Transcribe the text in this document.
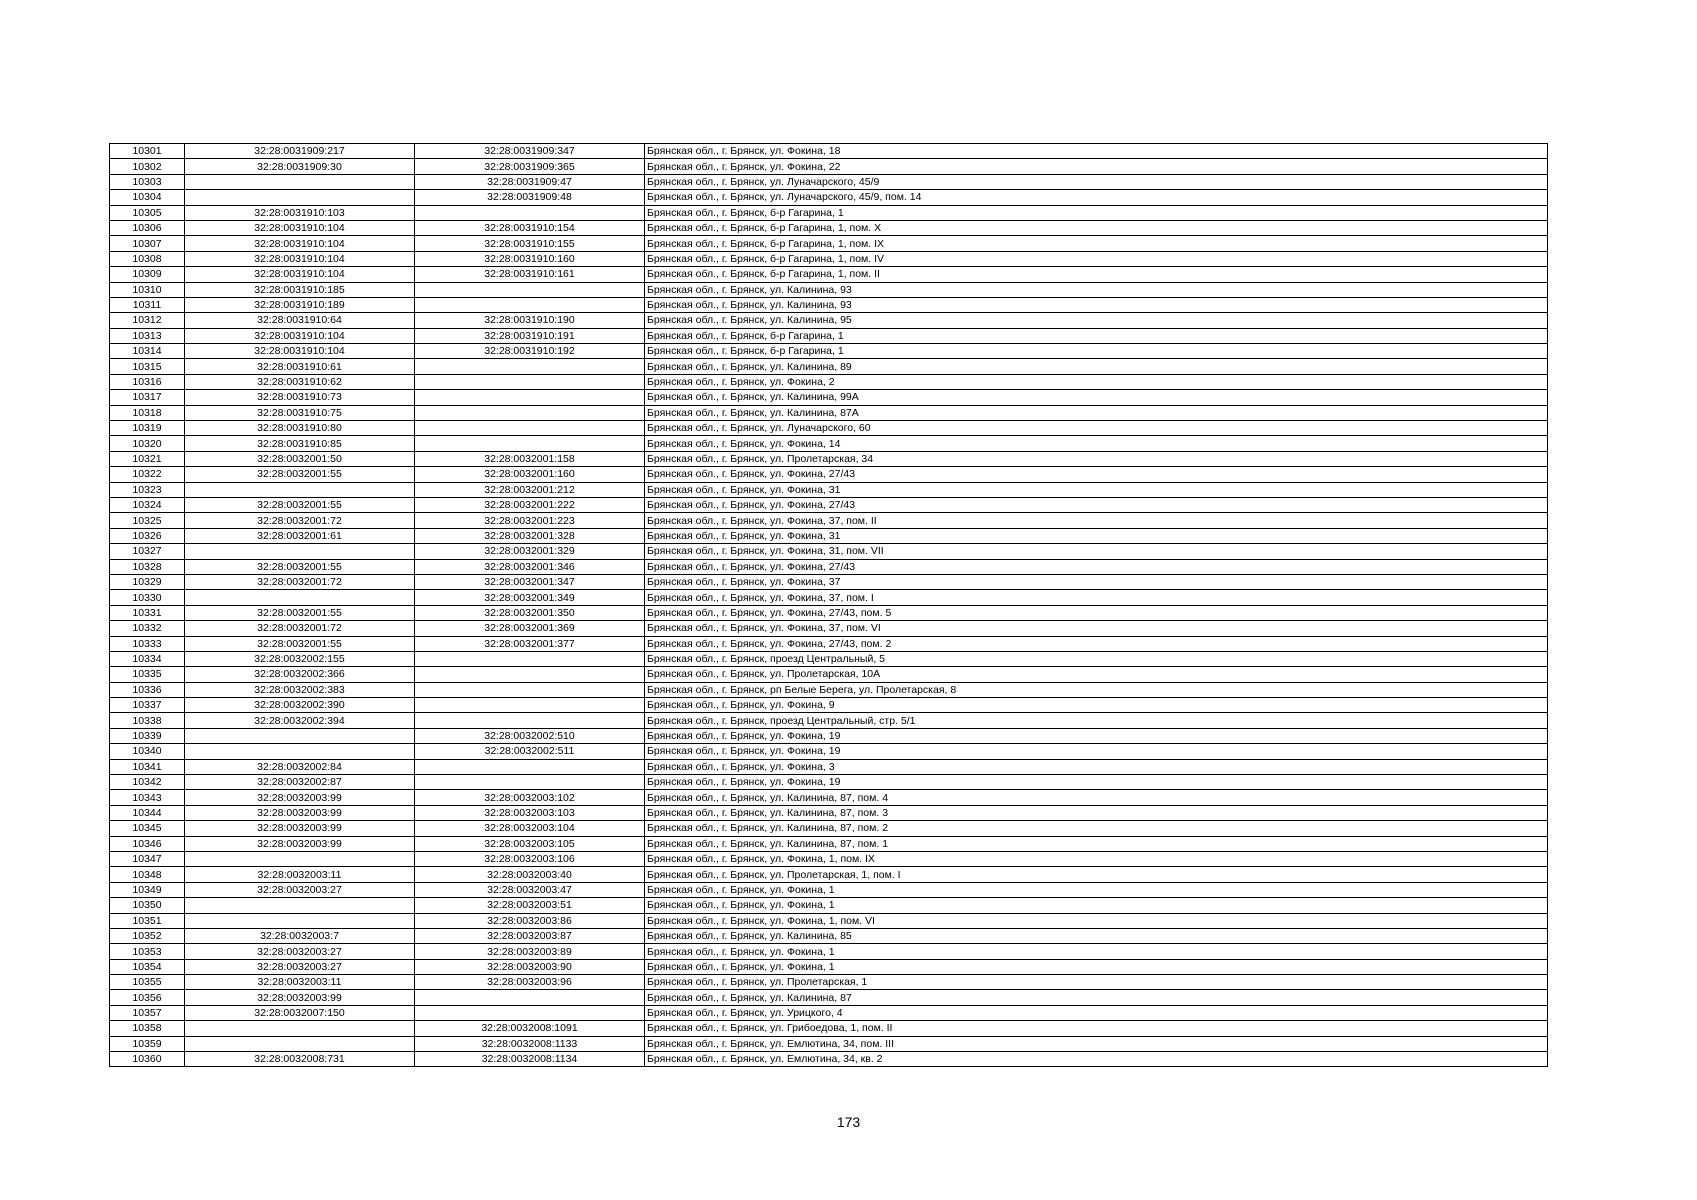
10301	32:28:0031909:217	32:28:0031909:347	Брянская обл., г. Брянск, ул. Фокина, 18
10302	32:28:0031909:30	32:28:0031909:365	Брянская обл., г. Брянск, ул. Фокина, 22
10303		32:28:0031909:47	Брянская обл., г. Брянск, ул. Луначарского, 45/9
10304		32:28:0031909:48	Брянская обл., г. Брянск, ул. Луначарского, 45/9, пом. 14
10305	32:28:0031910:103		Брянская обл., г. Брянск, б-р Гагарина, 1
10306	32:28:0031910:104	32:28:0031910:154	Брянская обл., г. Брянск, б-р Гагарина, 1, пом. X
10307	32:28:0031910:104	32:28:0031910:155	Брянская обл., г. Брянск, б-р Гагарина, 1, пом. IX
10308	32:28:0031910:104	32:28:0031910:160	Брянская обл., г. Брянск, б-р Гагарина, 1, пом. IV
10309	32:28:0031910:104	32:28:0031910:161	Брянская обл., г. Брянск, б-р Гагарина, 1, пом. II
10310	32:28:0031910:185		Брянская обл., г. Брянск, ул. Калинина, 93
10311	32:28:0031910:189		Брянская обл., г. Брянск, ул. Калинина, 93
10312	32:28:0031910:64	32:28:0031910:190	Брянская обл., г. Брянск, ул. Калинина, 95
10313	32:28:0031910:104	32:28:0031910:191	Брянская обл., г. Брянск, б-р Гагарина, 1
10314	32:28:0031910:104	32:28:0031910:192	Брянская обл., г. Брянск, б-р Гагарина, 1
10315	32:28:0031910:61		Брянская обл., г. Брянск, ул. Калинина, 89
10316	32:28:0031910:62		Брянская обл., г. Брянск, ул. Фокина, 2
10317	32:28:0031910:73		Брянская обл., г. Брянск, ул. Калинина, 99А
10318	32:28:0031910:75		Брянская обл., г. Брянск, ул. Калинина, 87А
10319	32:28:0031910:80		Брянская обл., г. Брянск, ул. Луначарского, 60
10320	32:28:0031910:85		Брянская обл., г. Брянск, ул. Фокина, 14
10321	32:28:0032001:50	32:28:0032001:158	Брянская обл., г. Брянск, ул. Пролетарская, 34
10322	32:28:0032001:55	32:28:0032001:160	Брянская обл., г. Брянск, ул. Фокина, 27/43
10323		32:28:0032001:212	Брянская обл., г. Брянск, ул. Фокина, 31
10324	32:28:0032001:55	32:28:0032001:222	Брянская обл., г. Брянск, ул. Фокина, 27/43
10325	32:28:0032001:72	32:28:0032001:223	Брянская обл., г. Брянск, ул. Фокина, 37, пом. II
10326	32:28:0032001:61	32:28:0032001:328	Брянская обл., г. Брянск, ул. Фокина, 31
10327		32:28:0032001:329	Брянская обл., г. Брянск, ул. Фокина, 31, пом. VII
10328	32:28:0032001:55	32:28:0032001:346	Брянская обл., г. Брянск, ул. Фокина, 27/43
10329	32:28:0032001:72	32:28:0032001:347	Брянская обл., г. Брянск, ул. Фокина, 37
10330		32:28:0032001:349	Брянская обл., г. Брянск, ул. Фокина, 37, пом. I
10331	32:28:0032001:55	32:28:0032001:350	Брянская обл., г. Брянск, ул. Фокина, 27/43, пом. 5
10332	32:28:0032001:72	32:28:0032001:369	Брянская обл., г. Брянск, ул. Фокина, 37, пом. VI
10333	32:28:0032001:55	32:28:0032001:377	Брянская обл., г. Брянск, ул. Фокина, 27/43, пом. 2
10334	32:28:0032002:155		Брянская обл., г. Брянск, проезд Центральный, 5
10335	32:28:0032002:366		Брянская обл., г. Брянск, ул. Пролетарская, 10А
10336	32:28:0032002:383		Брянская обл., г. Брянск, рп Белые Берега, ул. Пролетарская, 8
10337	32:28:0032002:390		Брянская обл., г. Брянск, ул. Фокина, 9
10338	32:28:0032002:394		Брянская обл., г. Брянск, проезд Центральный, стр. 5/1
10339		32:28:0032002:510	Брянская обл., г. Брянск, ул. Фокина, 19
10340		32:28:0032002:511	Брянская обл., г. Брянск, ул. Фокина, 19
10341	32:28:0032002:84		Брянская обл., г. Брянск, ул. Фокина, 3
10342	32:28:0032002:87		Брянская обл., г. Брянск, ул. Фокина, 19
10343	32:28:0032003:99	32:28:0032003:102	Брянская обл., г. Брянск, ул. Калинина, 87, пом. 4
10344	32:28:0032003:99	32:28:0032003:103	Брянская обл., г. Брянск, ул. Калинина, 87, пом. 3
10345	32:28:0032003:99	32:28:0032003:104	Брянская обл., г. Брянск, ул. Калинина, 87, пом. 2
10346	32:28:0032003:99	32:28:0032003:105	Брянская обл., г. Брянск, ул. Калинина, 87, пом. 1
10347		32:28:0032003:106	Брянская обл., г. Брянск, ул. Фокина, 1, пом. IX
10348	32:28:0032003:11	32:28:0032003:40	Брянская обл., г. Брянск, ул. Пролетарская, 1, пом. I
10349	32:28:0032003:27	32:28:0032003:47	Брянская обл., г. Брянск, ул. Фокина, 1
10350		32:28:0032003:51	Брянская обл., г. Брянск, ул. Фокина, 1
10351		32:28:0032003:86	Брянская обл., г. Брянск, ул. Фокина, 1, пом. VI
10352	32:28:0032003:7	32:28:0032003:87	Брянская обл., г. Брянск, ул. Калинина, 85
10353	32:28:0032003:27	32:28:0032003:89	Брянская обл., г. Брянск, ул. Фокина, 1
10354	32:28:0032003:27	32:28:0032003:90	Брянская обл., г. Брянск, ул. Фокина, 1
10355	32:28:0032003:11	32:28:0032003:96	Брянская обл., г. Брянск, ул. Пролетарская, 1
10356	32:28:0032003:99		Брянская обл., г. Брянск, ул. Калинина, 87
10357	32:28:0032007:150		Брянская обл., г. Брянск, ул. Урицкого, 4
10358		32:28:0032008:1091	Брянская обл., г. Брянск, ул. Грибоедова, 1, пом. II
10359		32:28:0032008:1133	Брянская обл., г. Брянск, ул. Емлютина, 34, пом. III
10360	32:28:0032008:731	32:28:0032008:1134	Брянская обл., г. Брянск, ул. Емлютина, 34, кв. 2
173
